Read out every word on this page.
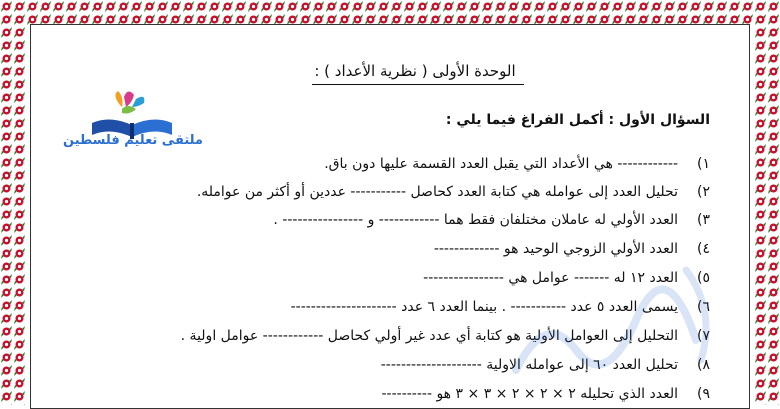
ملتقى تعليم فلسطين
الوحدة الأولى ( نظرية الأعداد ) :
السؤال الأول : أكمل الفراغ فيما يلي :
١)------------ هي الأعداد التي يقبل العدد القسمة عليها دون باق.
٢)تحليل العدد إلى عوامله هي كتابة العدد كحاصل ----------- عددين أو أكثر من عوامله.
٣)العدد الأولي له عاملان مختلفان فقط هما ------------ و ---------------- .
٤)العدد الأولي الزوجي الوحيد هو -------------
٥)العدد ١٢ له ------- عوامل هي ----------------
٦)يسمى العدد ٥ عدد ----------- . بينما العدد ٦ عدد ---------------------
٧)التحليل إلى العوامل الأولية هو كتابة أي عدد غير أولي كحاصل ------------ عوامل اولية .
٨)تحليل العدد ٦٠ إلى عوامله الاولية --------------------
٩)العدد الذي تحليله ٢ × ٢ × ٢ × ٣ × ٣ هو ----------
